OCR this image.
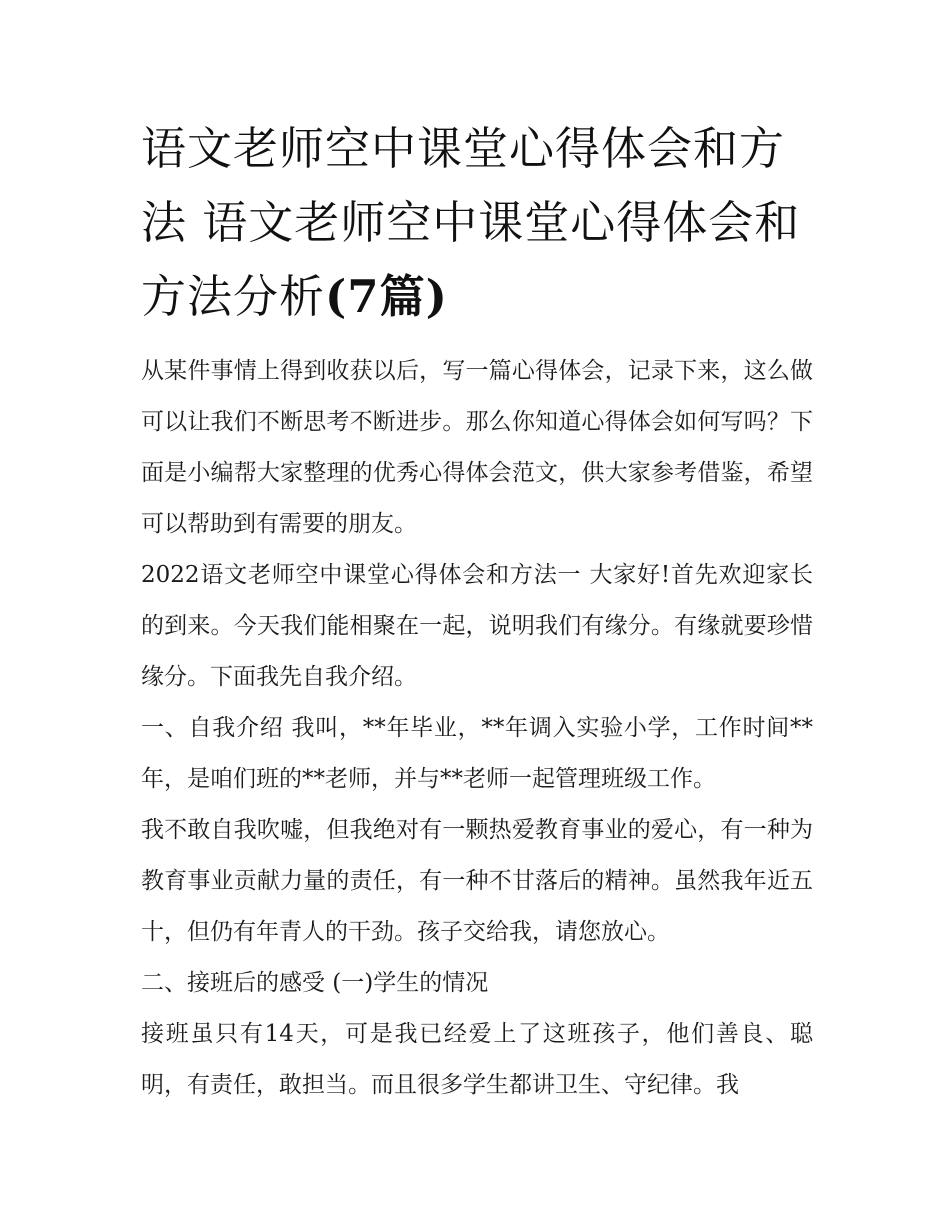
语文老师空中课堂心得体会和方法 语文老师空中课堂心得体会和方法分析(7篇)

从某件事情上得到收获以后，写一篇心得体会，记录下来，这么做可以让我们不断思考不断进步。那么你知道心得体会如何写吗？下面是小编帮大家整理的优秀心得体会范文，供大家参考借鉴，希望可以帮助到有需要的朋友。

2022语文老师空中课堂心得体会和方法一 大家好!首先欢迎家长的到来。今天我们能相聚在一起，说明我们有缘分。有缘就要珍惜缘分。下面我先自我介绍。

一、自我介绍 我叫，**年毕业，**年调入实验小学，工作时间**年，是咱们班的**老师，并与**老师一起管理班级工作。

我不敢自我吹嘘，但我绝对有一颗热爱教育事业的爱心，有一种为教育事业贡献力量的责任，有一种不甘落后的精神。虽然我年近五十，但仍有年青人的干劲。孩子交给我，请您放心。

二、接班后的感受 (一)学生的情况

接班虽只有14天，可是我已经爱上了这班孩子，他们善良、聪明，有责任，敢担当。而且很多学生都讲卫生、守纪律。我
